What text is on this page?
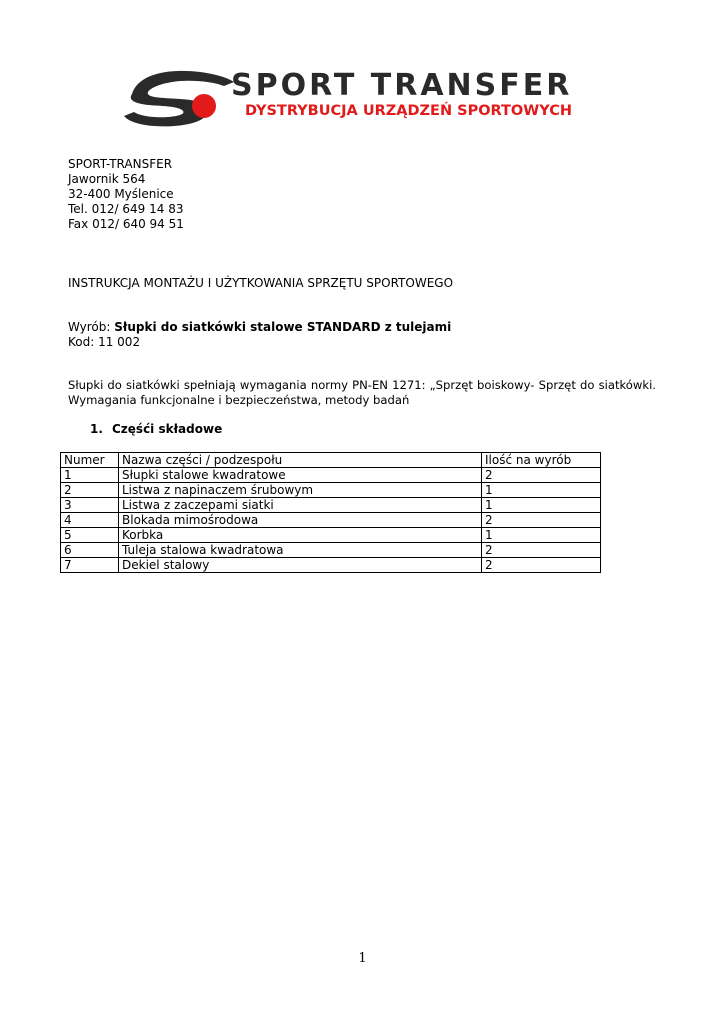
SPORT TRANSFER
DYSTRYBUCJA URZĄDZEŃ SPORTOWYCH
SPORT-TRANSFER
Jawornik 564
32-400 Myślenice
Tel. 012/ 649 14 83
Fax 012/ 640 94 51
INSTRUKCJA MONTAŻU I UŻYTKOWANIA SPRZĘTU SPORTOWEGO
Wyrób: Słupki do siatkówki stalowe STANDARD z tulejami
Kod: 11 002
Słupki do siatkówki spełniają wymagania normy PN-EN 1271: „Sprzęt boiskowy- Sprzęt do siatkówki.
Wymagania funkcjonalne i bezpieczeństwa, metody badań
1. Częśći składowe
Numer	Nazwa części / podzespołu	Ilość na wyrób
1	Słupki stalowe kwadratowe	2
2	Listwa z napinaczem śrubowym	1
3	Listwa z zaczepami siatki	1
4	Blokada mimośrodowa	2
5	Korbka	1
6	Tuleja stalowa kwadratowa	2
7	Dekiel stalowy	2
1
